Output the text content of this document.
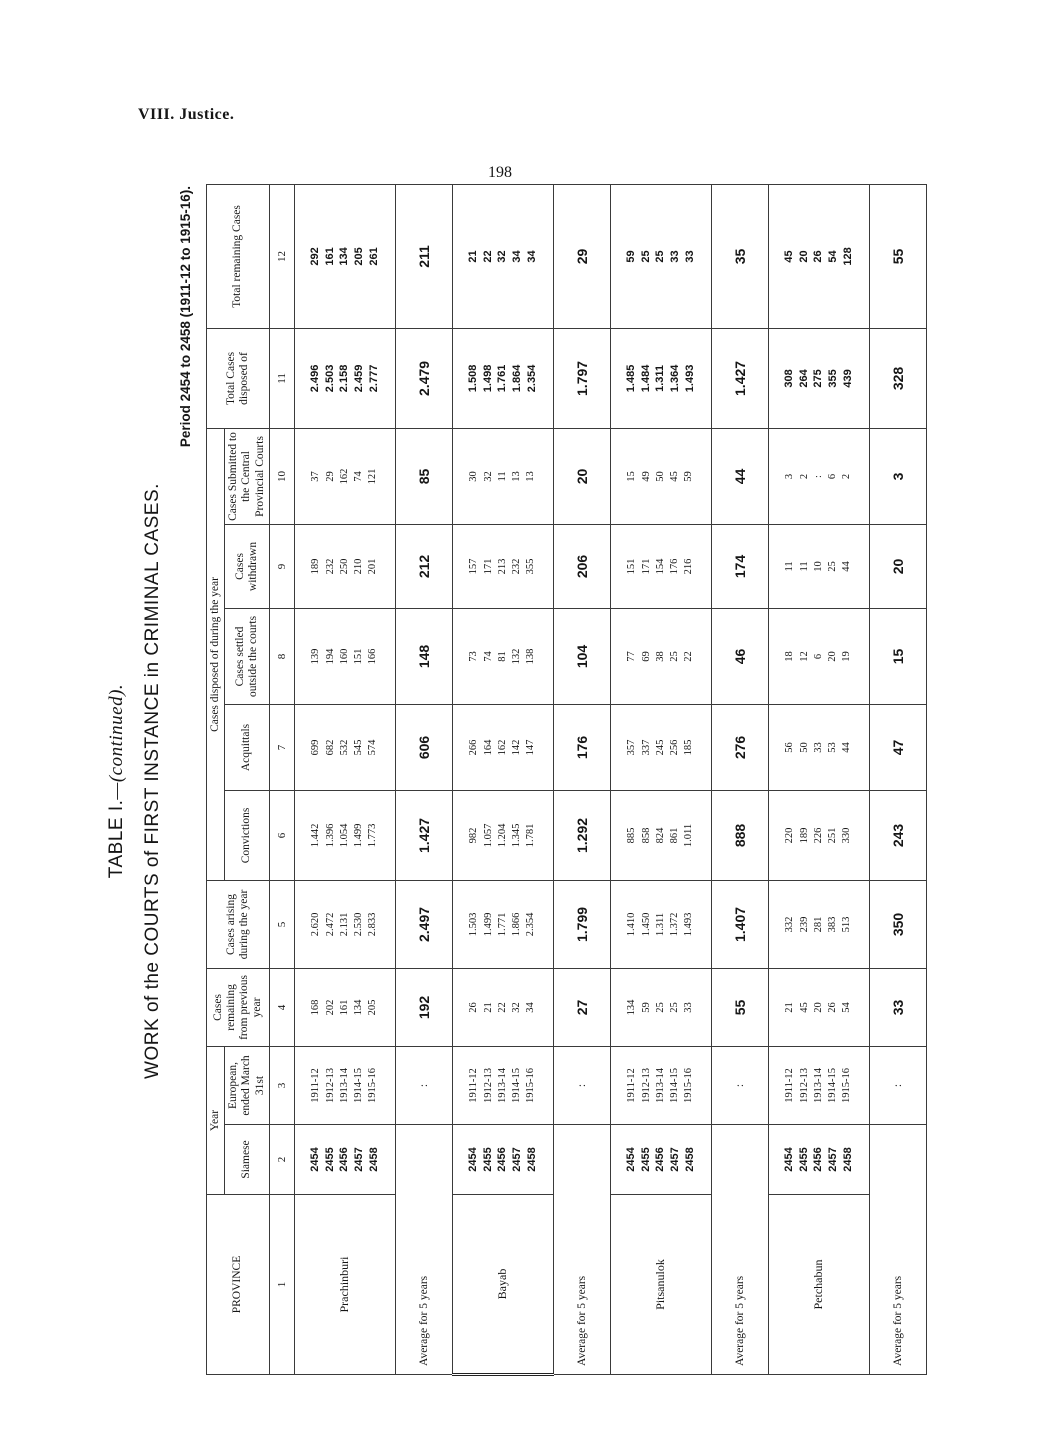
VIII. Justice.
198
TABLE I.—(continued). WORK of the COURTS of FIRST INSTANCE in CRIMINAL CASES.
Period 2454 to 2458 (1911-12 to 1915-16).
PROVINCE	Year		Cases remaining from previous year	Cases arising during the year	Cases disposed of during the year					Total Cases disposed of	Total remaining Cases
	Siamese	European, ended March 31st			Convictions	Acquittals	Cases settled outside the courts	Cases withdrawn	Cases Submitted to the Central Provincial Courts		
1	2	3	4	5	6	7	8	9	10	11	12
Prachinburi	2454 2455 2456 2457 2458	1911-12 1912-13 1913-14 1914-15 1915-16	168 202 161 134 205	2.620 2.472 2.131 2.530 2.833	1.442 1.396 1.054 1.499 1.773	699 682 532 545 574	139 194 160 151 166	189 232 250 210 201	37 29 162 74 121	2.496 2.503 2.158 2.459 2.777	292 161 134 205 261
Average for 5 years		:	192	2.497	1.427	606	148	212	85	2.479	211
Bayab	2454 2455 2456 2457 2458	1911-12 1912-13 1913-14 1914-15 1915-16	26 21 22 32 34	1.503 1.499 1.771 1.866 2.354	982 1.057 1.204 1.345 1.781	266 164 162 142 147	73 74 81 132 138	157 171 213 232 355	30 32 11 13 13	1.508 1.498 1.761 1.864 2.354	21 22 32 34 34
Average for 5 years		:	27	1.799	1.292	176	104	206	20	1.797	29
Pitsanulok	2454 2455 2456 2457 2458	1911-12 1912-13 1913-14 1914-15 1915-16	134 59 25 25 33	1.410 1.450 1.311 1.372 1.493	885 858 824 861 1.011	357 337 245 256 185	77 69 38 25 22	151 171 154 176 216	15 49 50 45 59	1.485 1.484 1.311 1.364 1.493	59 25 25 33 33
Average for 5 years		:	55	1.407	888	276	46	174	44	1.427	35
Petchabun	2454 2455 2456 2457 2458	1911-12 1912-13 1913-14 1914-15 1915-16	21 45 20 26 54	332 239 281 383 513	220 189 226 251 330	56 50 33 53 44	18 12 6 20 19	11 11 10 25 44	3 2 : 6 2	308 264 275 355 439	45 20 26 54 128
Average for 5 years		:	33	350	243	47	15	20	3	328	55
